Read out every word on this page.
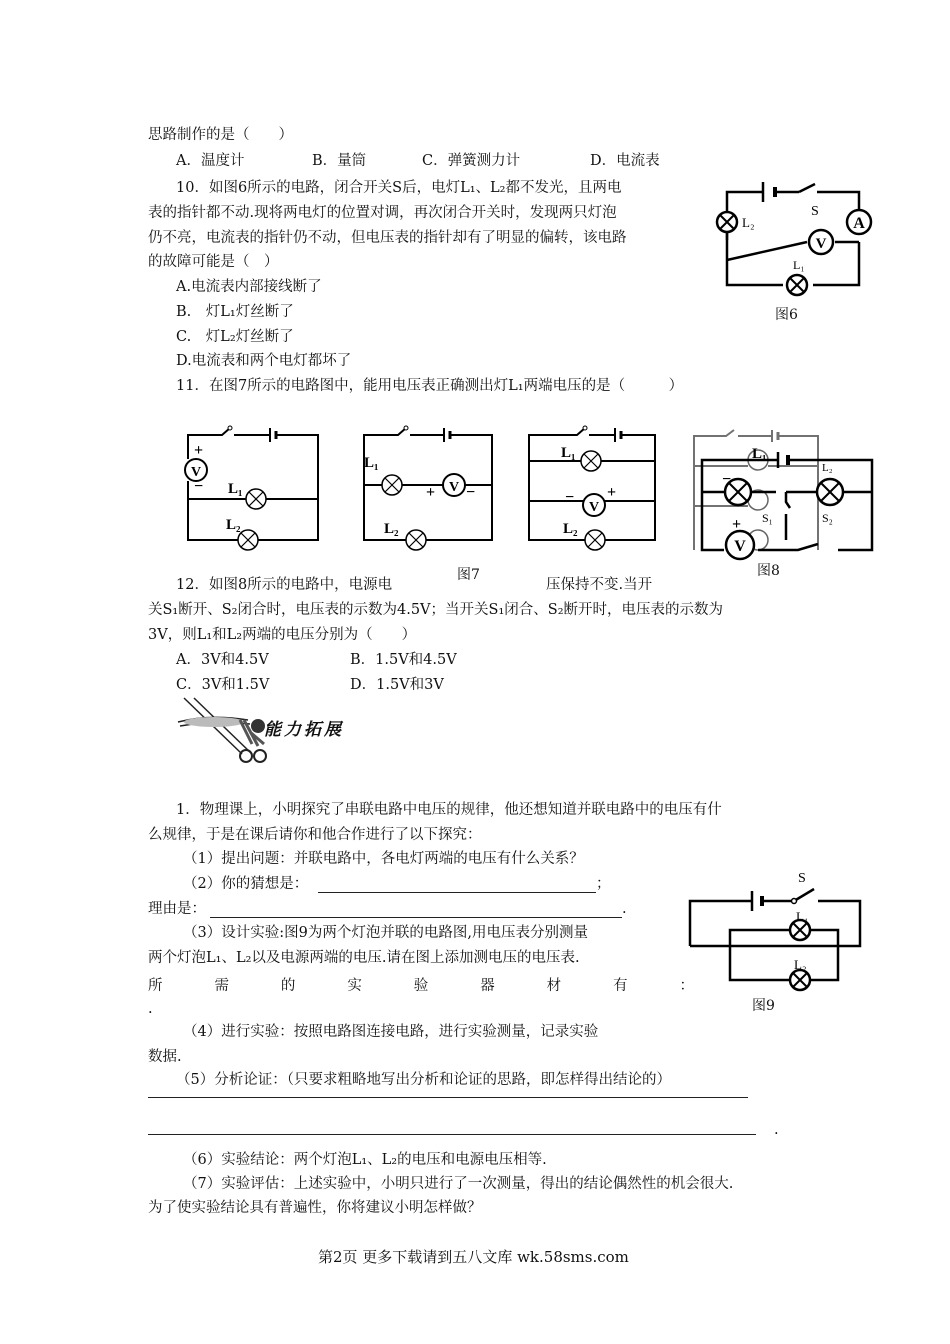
思路制作的是（　　）
A．温度计	B．量筒	C．弹簧测力计	D．电流表
10．如图6所示的电路，闭合开关S后，电灯L₁、L₂都不发光，且两电
表的指针都不动.现将两电灯的位置对调，再次闭合开关时，发现两只灯泡
仍不亮，电流表的指针仍不动，但电压表的指针却有了明显的偏转，该电路
的故障可能是（　）
A.电流表内部接线断了
B.　灯L₁灯丝断了
C.　灯L₂灯丝断了
D.电流表和两个电灯都坏了
A
V
L₂
S
L₁
图6
11．在图7所示的电路图中，能用电压表正确测出灯L₁两端电压的是（　　　）
V
+
− L₁
L₂
V
+ −
L₁
L₂
V
− +
L₁
L₂
V
+
−
L₂
S₁	S₂
L₁
图7	图8
12．如图8所示的电路中，电源电	压保持不变.当开
关S₁断开、S₂闭合时，电压表的示数为4.5V；当开关S₁闭合、S₂断开时，电压表的示数为
3V，则L₁和L₂两端的电压分别为（　　）
A．3V和4.5V	B．1.5V和4.5V
C．3V和1.5V	D．1.5V和3V
能力拓展
1．物理课上，小明探究了串联电路中电压的规律，他还想知道并联电路中的电压有什
么规律，于是在课后请你和他合作进行了以下探究：
（1）提出问题：并联电路中，各电灯两端的电压有什么关系？
（2）你的猜想是：	；
理由是：	.
（3）设计实验:图9为两个灯泡并联的电路图,用电压表分别测量
两个灯泡L₁、L₂以及电源两端的电压.请在图上添加测电压的电压表.
所	需	的	实	验	器	材	有	：
.
S
L₁
L₂
图9
（4）进行实验：按照电路图连接电路，进行实验测量，记录实验
数据.
（5）分析论证：（只要求粗略地写出分析和论证的思路，即怎样得出结论的）
.
（6）实验结论：两个灯泡L₁、L₂的电压和电源电压相等.
（7）实验评估：上述实验中，小明只进行了一次测量，得出的结论偶然性的机会很大.
为了使实验结论具有普遍性，你将建议小明怎样做？
第2页 更多下载请到五八文库 wk.58sms.com
